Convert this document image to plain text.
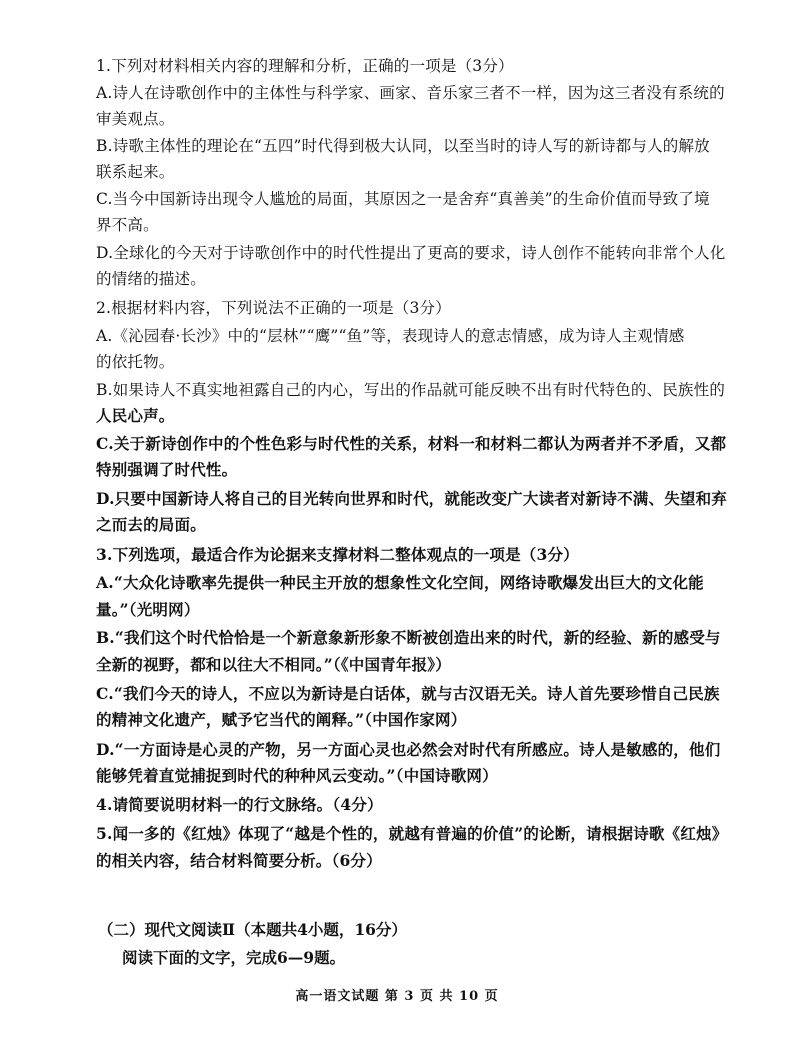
1.下列对材料相关内容的理解和分析，正确的一项是（3分）
A.诗人在诗歌创作中的主体性与科学家、画家、音乐家三者不一样，因为这三者没有系统的
审美观点。
B.诗歌主体性的理论在“五四”时代得到极大认同，以至当时的诗人写的新诗都与人的解放
联系起来。
C.当今中国新诗出现令人尴尬的局面，其原因之一是舍弃“真善美”的生命价值而导致了境
界不高。
D.全球化的今天对于诗歌创作中的时代性提出了更高的要求，诗人创作不能转向非常个人化
的情绪的描述。
2.根据材料内容，下列说法不正确的一项是（3分）
A.《沁园春·长沙》中的“层林”“鹰”“鱼”等，表现诗人的意志情感，成为诗人主观情感
的依托物。
B.如果诗人不真实地袒露自己的内心，写出的作品就可能反映不出有时代特色的、民族性的
人民心声。
C.关于新诗创作中的个性色彩与时代性的关系，材料一和材料二都认为两者并不矛盾，又都
特别强调了时代性。
D.只要中国新诗人将自己的目光转向世界和时代，就能改变广大读者对新诗不满、失望和弃
之而去的局面。
3.下列选项，最适合作为论据来支撑材料二整体观点的一项是（3分）
A.“大众化诗歌率先提供一种民主开放的想象性文化空间，网络诗歌爆发出巨大的文化能
量。”（光明网）
B.“我们这个时代恰恰是一个新意象新形象不断被创造出来的时代，新的经验、新的感受与
全新的视野，都和以往大不相同。”（《中国青年报》）
C.“我们今天的诗人，不应以为新诗是白话体，就与古汉语无关。诗人首先要珍惜自己民族
的精神文化遗产，赋予它当代的阐释。”（中国作家网）
D.“一方面诗是心灵的产物，另一方面心灵也必然会对时代有所感应。诗人是敏感的，他们
能够凭着直觉捕捉到时代的种种风云变动。”（中国诗歌网）
4.请简要说明材料一的行文脉络。（4分）
5.闻一多的《红烛》体现了“越是个性的，就越有普遍的价值”的论断，请根据诗歌《红烛》
的相关内容，结合材料简要分析。（6分）
（二）现代文阅读Ⅱ（本题共4小题，16分）
阅读下面的文字，完成6—9题。
高一语文试题 第 3 页 共 10 页
